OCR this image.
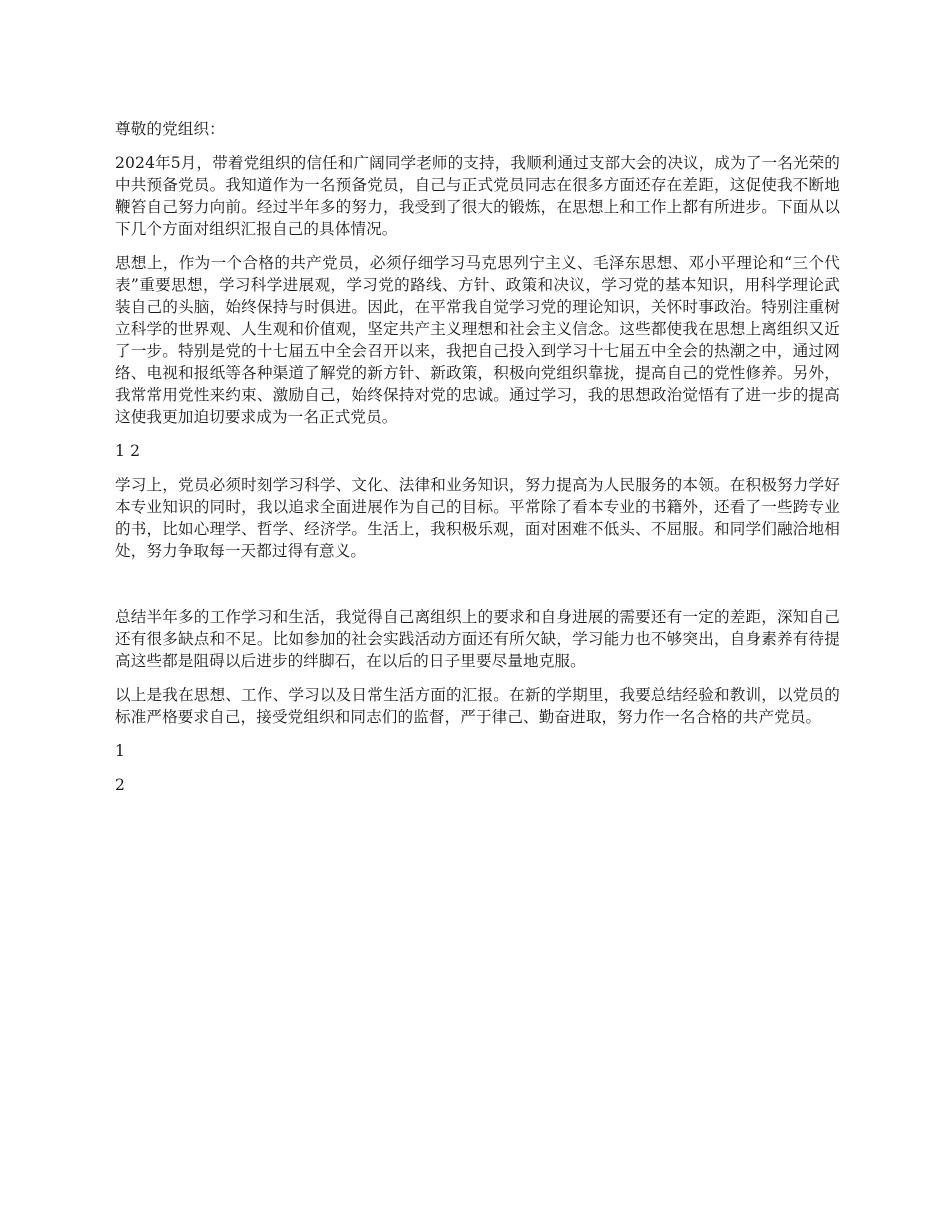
尊敬的党组织：

2024年5月，带着党组织的信任和广阔同学老师的支持，我顺利通过支部大会的决议，成为了一名光荣的中共预备党员。我知道作为一名预备党员，自己与正式党员同志在很多方面还存在差距，这促使我不断地鞭笞自己努力向前。经过半年多的努力，我受到了很大的锻炼，在思想上和工作上都有所进步。下面从以下几个方面对组织汇报自己的具体情况。

思想上，作为一个合格的共产党员，必须仔细学习马克思列宁主义、毛泽东思想、邓小平理论和“三个代表”重要思想，学习科学进展观，学习党的路线、方针、政策和决议，学习党的基本知识，用科学理论武装自己的头脑，始终保持与时俱进。因此，在平常我自觉学习党的理论知识，关怀时事政治。特别注重树立科学的世界观、人生观和价值观，坚定共产主义理想和社会主义信念。这些都使我在思想上离组织又近了一步。特别是党的十七届五中全会召开以来，我把自己投入到学习十七届五中全会的热潮之中，通过网络、电视和报纸等各种渠道了解党的新方针、新政策，积极向党组织靠拢，提高自己的党性修养。另外，我常常用党性来约束、激励自己，始终保持对党的忠诚。通过学习，我的思想政治觉悟有了进一步的提高这使我更加迫切要求成为一名正式党员。

1 2

学习上，党员必须时刻学习科学、文化、法律和业务知识，努力提高为人民服务的本领。在积极努力学好本专业知识的同时，我以追求全面进展作为自己的目标。平常除了看本专业的书籍外，还看了一些跨专业的书，比如心理学、哲学、经济学。生活上，我积极乐观，面对困难不低头、不屈服。和同学们融洽地相处，努力争取每一天都过得有意义。

总结半年多的工作学习和生活，我觉得自己离组织上的要求和自身进展的需要还有一定的差距，深知自己还有很多缺点和不足。比如参加的社会实践活动方面还有所欠缺，学习能力也不够突出，自身素养有待提高这些都是阻碍以后进步的绊脚石，在以后的日子里要尽量地克服。

以上是我在思想、工作、学习以及日常生活方面的汇报。在新的学期里，我要总结经验和教训，以党员的标准严格要求自己，接受党组织和同志们的监督，严于律己、勤奋进取，努力作一名合格的共产党员。

1

2
